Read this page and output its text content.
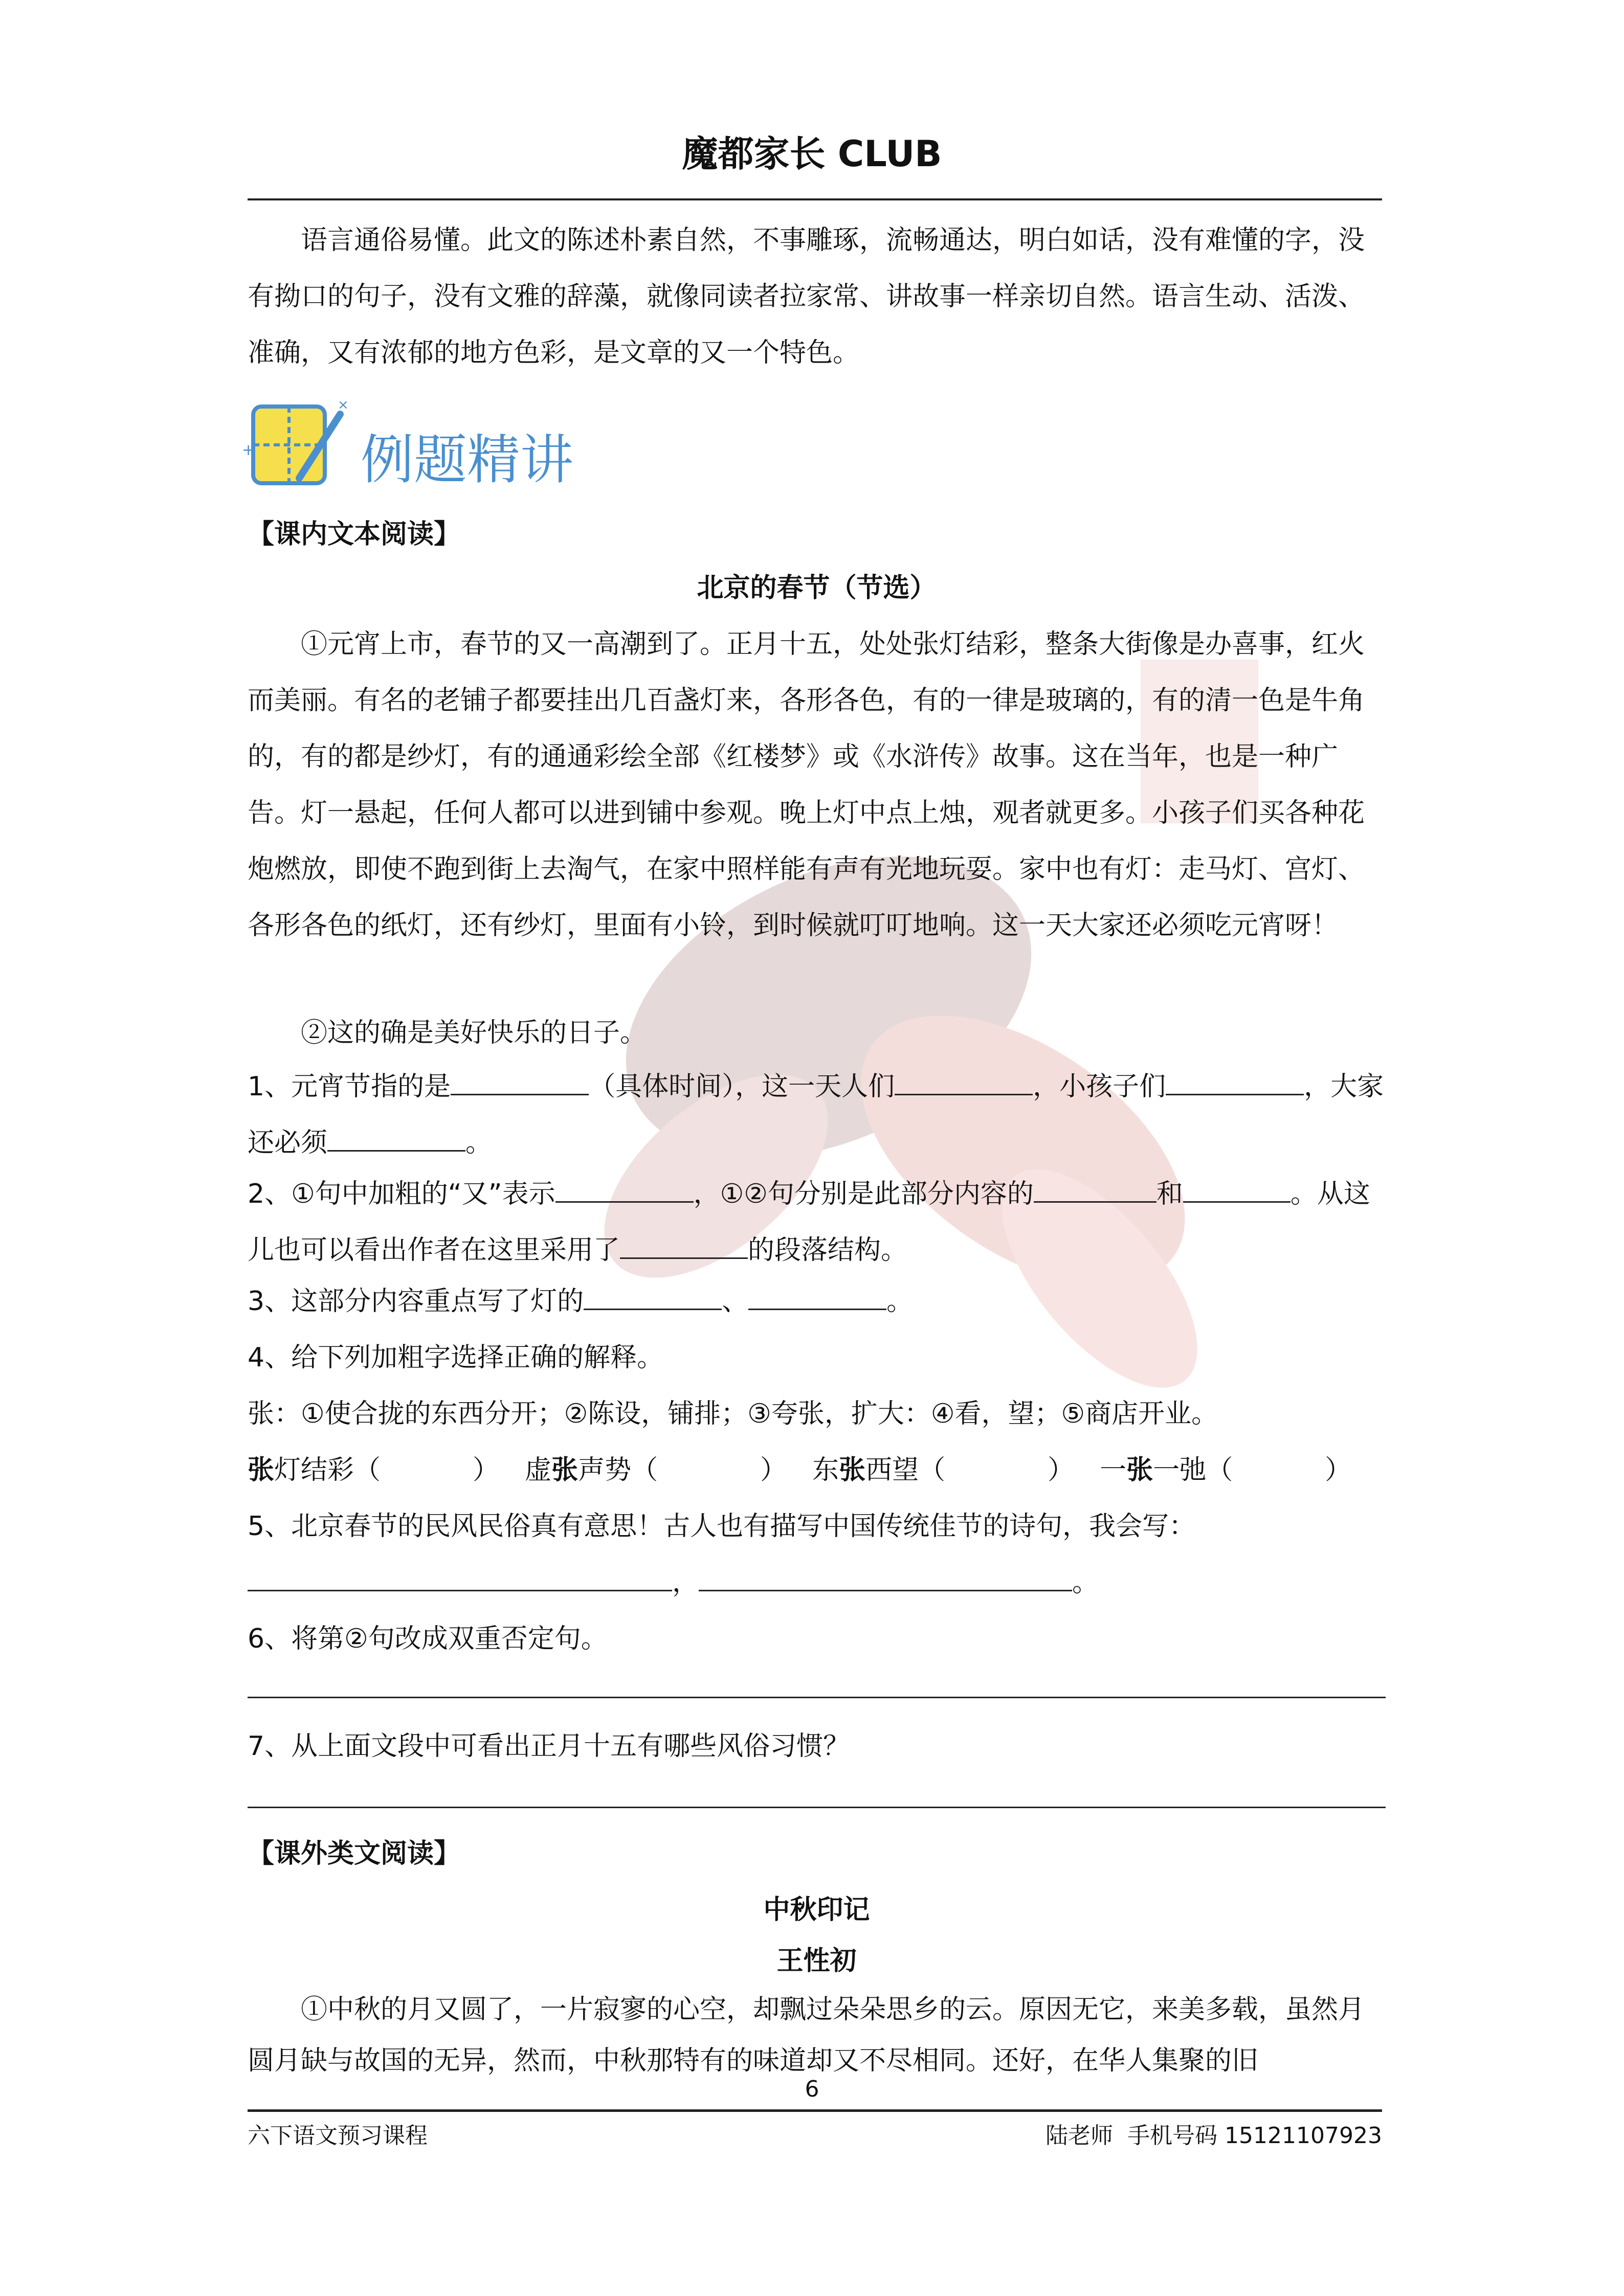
魔都家长 CLUB
语言通俗易懂。此文的陈述朴素自然，不事雕琢，流畅通达，明白如话，没有难懂的字，没有拗口的句子，没有文雅的辞藻，就像同读者拉家常、讲故事一样亲切自然。语言生动、活泼、准确，又有浓郁的地方色彩，是文章的又一个特色。
+
×
例题精讲
【课内文本阅读】
北京的春节（节选）
①元宵上市，春节的又一高潮到了。正月十五，处处张灯结彩，整条大街像是办喜事，红火而美丽。有名的老铺子都要挂出几百盏灯来，各形各色，有的一律是玻璃的，有的清一色是牛角的，有的都是纱灯，有的通通彩绘全部《红楼梦》或《水浒传》故事。这在当年，也是一种广告。灯一悬起，任何人都可以进到铺中参观。晚上灯中点上烛，观者就更多。小孩子们买各种花炮燃放，即使不跑到街上去淘气，在家中照样能有声有光地玩耍。家中也有灯：走马灯、宫灯、各形各色的纸灯，还有纱灯，里面有小铃，到时候就叮叮地响。这一天大家还必须吃元宵呀！
②这的确是美好快乐的日子。
1、元宵节指的是	（具体时间），这一天人们	，小孩子们	，大家还必须	。
2、①句中加粗的“又”表示	，①②句分别是此部分内容的	和	。从这儿也可以看出作者在这里采用了	的段落结构。
3、这部分内容重点写了灯的	、	。
4、给下列加粗字选择正确的解释。
张：①使合拢的东西分开；②陈设，铺排；③夸张，扩大：④看，望；⑤商店开业。
张灯结彩（	） 虚张声势（	） 东张西望（	） 一张一弛（	）
5、北京春节的民风民俗真有意思！古人也有描写中国传统佳节的诗句，我会写：
，	。
6、将第②句改成双重否定句。
7、从上面文段中可看出正月十五有哪些风俗习惯？
【课外类文阅读】
中秋印记
王性初
①中秋的月又圆了，一片寂寥的心空，却飘过朵朵思乡的云。原因无它，来美多载，虽然月圆月缺与故国的无异，然而，中秋那特有的味道却又不尽相同。还好，在华人集聚的旧
6
六下语文预习课程	陆老师  手机号码 15121107923
